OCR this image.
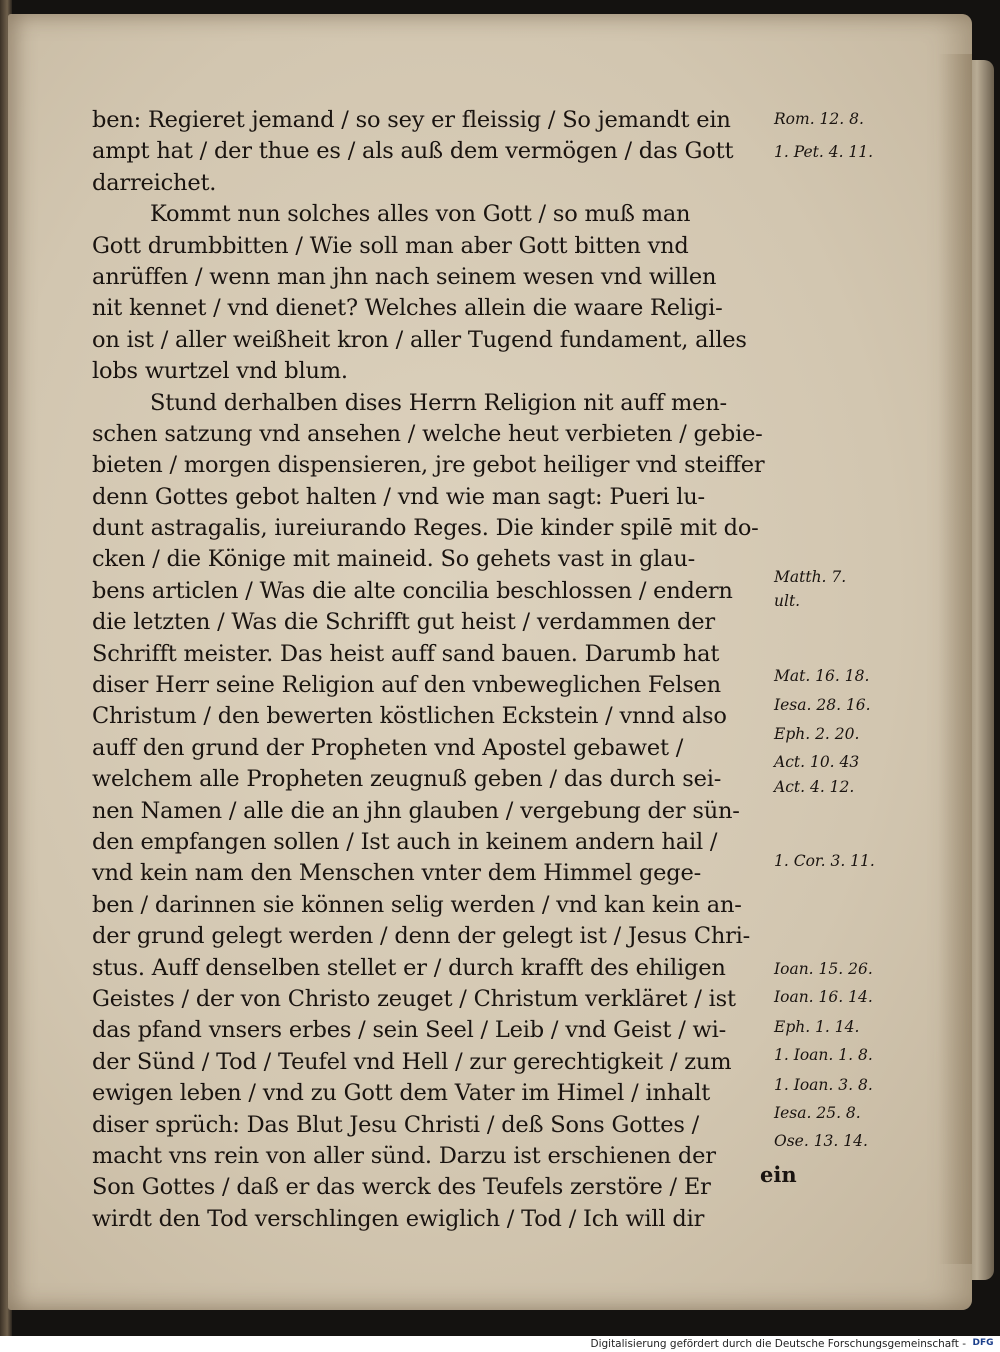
ben: Regieret jemand / so sey er fleissig / So jemandt ein
ampt hat / der thue es / als auß dem vermögen / das Gott
darreichet.
Kommt nun solches alles von Gott / so muß man
Gott drumbbitten / Wie soll man aber Gott bitten vnd
anrüffen / wenn man jhn nach seinem wesen vnd willen
nit kennet / vnd dienet? Welches allein die waare Religi-
on ist / aller weißheit kron / aller Tugend fundament, alles
lobs wurtzel vnd blum.
Stund derhalben dises Herrn Religion nit auff men-
schen satzung vnd ansehen / welche heut verbieten / gebie-
bieten / morgen dispensieren, jre gebot heiliger vnd steiffer
denn Gottes gebot halten / vnd wie man sagt: Pueri lu-
dunt astragalis, iureiurando Reges. Die kinder spilē mit do-
cken / die Könige mit maineid. So gehets vast in glau-
bens articlen / Was die alte concilia beschlossen / endern
die letzten / Was die Schrifft gut heist / verdammen der
Schrifft meister. Das heist auff sand bauen. Darumb hat
diser Herr seine Religion auf den vnbeweglichen Felsen
Christum / den bewerten köstlichen Eckstein / vnnd also
auff den grund der Propheten vnd Apostel gebawet /
welchem alle Propheten zeugnuß geben / das durch sei-
nen Namen / alle die an jhn glauben / vergebung der sün-
den empfangen sollen / Ist auch in keinem andern hail /
vnd kein nam den Menschen vnter dem Himmel gege-
ben / darinnen sie können selig werden / vnd kan kein an-
der grund gelegt werden / denn der gelegt ist / Jesus Chri-
stus. Auff denselben stellet er / durch krafft des ehiligen
Geistes / der von Christo zeuget / Christum verkläret / ist
das pfand vnsers erbes / sein Seel / Leib / vnd Geist / wi-
der Sünd / Tod / Teufel vnd Hell / zur gerechtigkeit / zum
ewigen leben / vnd zu Gott dem Vater im Himel / inhalt
diser sprüch: Das Blut Jesu Christi / deß Sons Gottes /
macht vns rein von aller sünd. Darzu ist erschienen der
Son Gottes / daß er das werck des Teufels zerstöre / Er
wirdt den Tod verschlingen ewiglich / Tod / Ich will dir
Rom. 12. 8.
1. Pet. 4. 11.
Matth. 7.
ult.
Mat. 16. 18.
Iesa. 28. 16.
Eph. 2. 20.
Act. 10. 43
Act. 4. 12.
1. Cor. 3. 11.
Ioan. 15. 26.
Ioan. 16. 14.
Eph. 1. 14.
1. Ioan. 1. 8.
1. Ioan. 3. 8.
Iesa. 25. 8.
Ose. 13. 14.
ein
Digitalisierung gefördert durch die Deutsche Forschungsgemeinschaft - DFG
